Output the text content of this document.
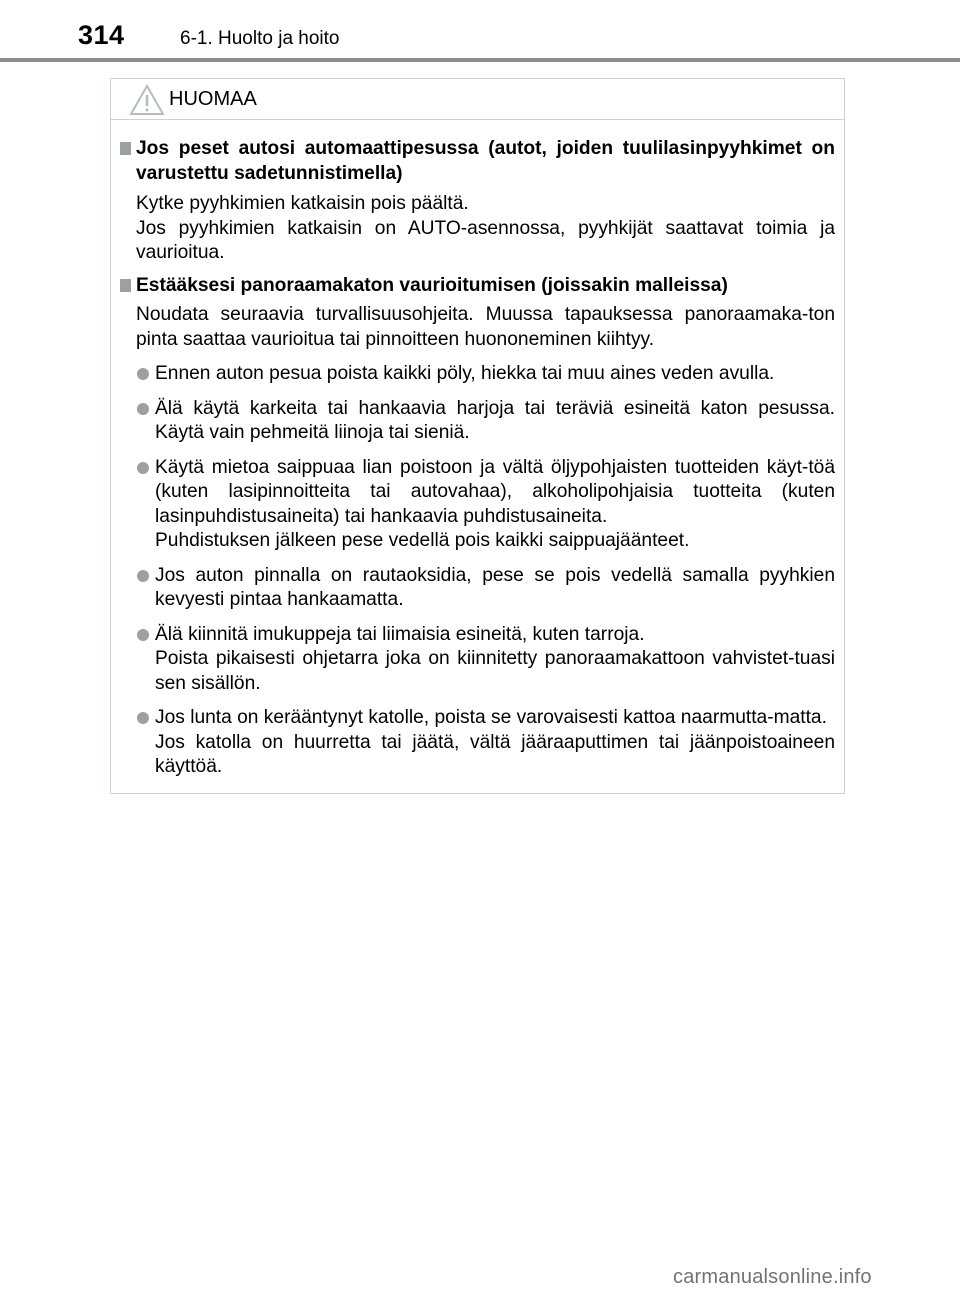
314	6-1. Huolto ja hoito
HUOMAA
Jos peset autosi automaattipesussa (autot, joiden tuulilasinpyyhkimet on varustettu sadetunnistimella)
Kytke pyyhkimien katkaisin pois päältä.
Jos pyyhkimien katkaisin on AUTO-asennossa, pyyhkijät saattavat toimia ja vaurioitua.
Estääksesi panoraamakaton vaurioitumisen (joissakin malleissa)
Noudata seuraavia turvallisuusohjeita. Muussa tapauksessa panoraamaka-ton pinta saattaa vaurioitua tai pinnoitteen huononeminen kiihtyy.
Ennen auton pesua poista kaikki pöly, hiekka tai muu aines veden avulla.
Älä käytä karkeita tai hankaavia harjoja tai teräviä esineitä katon pesussa. Käytä vain pehmeitä liinoja tai sieniä.
Käytä mietoa saippuaa lian poistoon ja vältä öljypohjaisten tuotteiden käyt-töä (kuten lasipinnoitteita tai autovahaa), alkoholipohjaisia tuotteita (kuten lasinpuhdistusaineita) tai hankaavia puhdistusaineita.
Puhdistuksen jälkeen pese vedellä pois kaikki saippuajäänteet.
Jos auton pinnalla on rautaoksidia, pese se pois vedellä samalla pyyhkien kevyesti pintaa hankaamatta.
Älä kiinnitä imukuppeja tai liimaisia esineitä, kuten tarroja.
Poista pikaisesti ohjetarra joka on kiinnitetty panoraamakattoon vahvistet-tuasi sen sisällön.
Jos lunta on kerääntynyt katolle, poista se varovaisesti kattoa naarmutta-matta.
Jos katolla on huurretta tai jäätä, vältä jääraaputtimen tai jäänpoistoaineen käyttöä.
carmanualsonline.info
